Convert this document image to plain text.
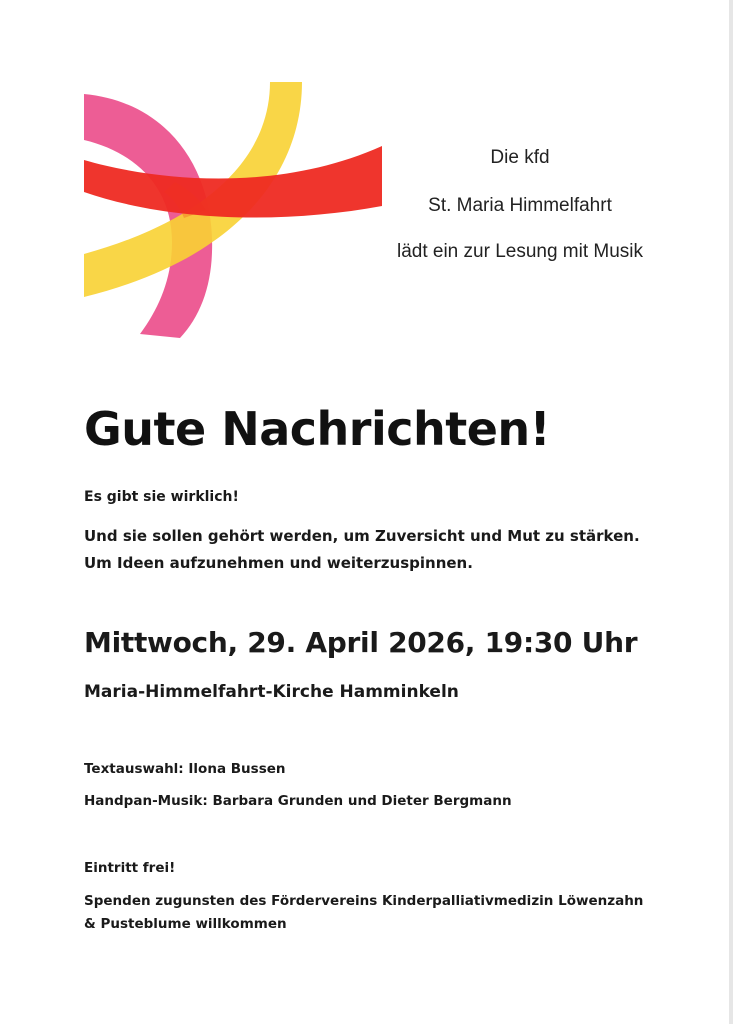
Die kfd
St. Maria Himmelfahrt
lädt ein zur Lesung mit Musik
Gute Nachrichten!
Es gibt sie wirklich!
Und sie sollen gehört werden, um Zuversicht und Mut zu stärken. Um Ideen aufzunehmen und weiterzuspinnen.
Mittwoch, 29. April 2026, 19:30 Uhr
Maria-Himmelfahrt-Kirche Hamminkeln
Textauswahl: Ilona Bussen
Handpan-Musik: Barbara Grunden und Dieter Bergmann
Eintritt frei!
Spenden zugunsten des Fördervereins Kinderpalliativmedizin Löwenzahn & Pusteblume willkommen
